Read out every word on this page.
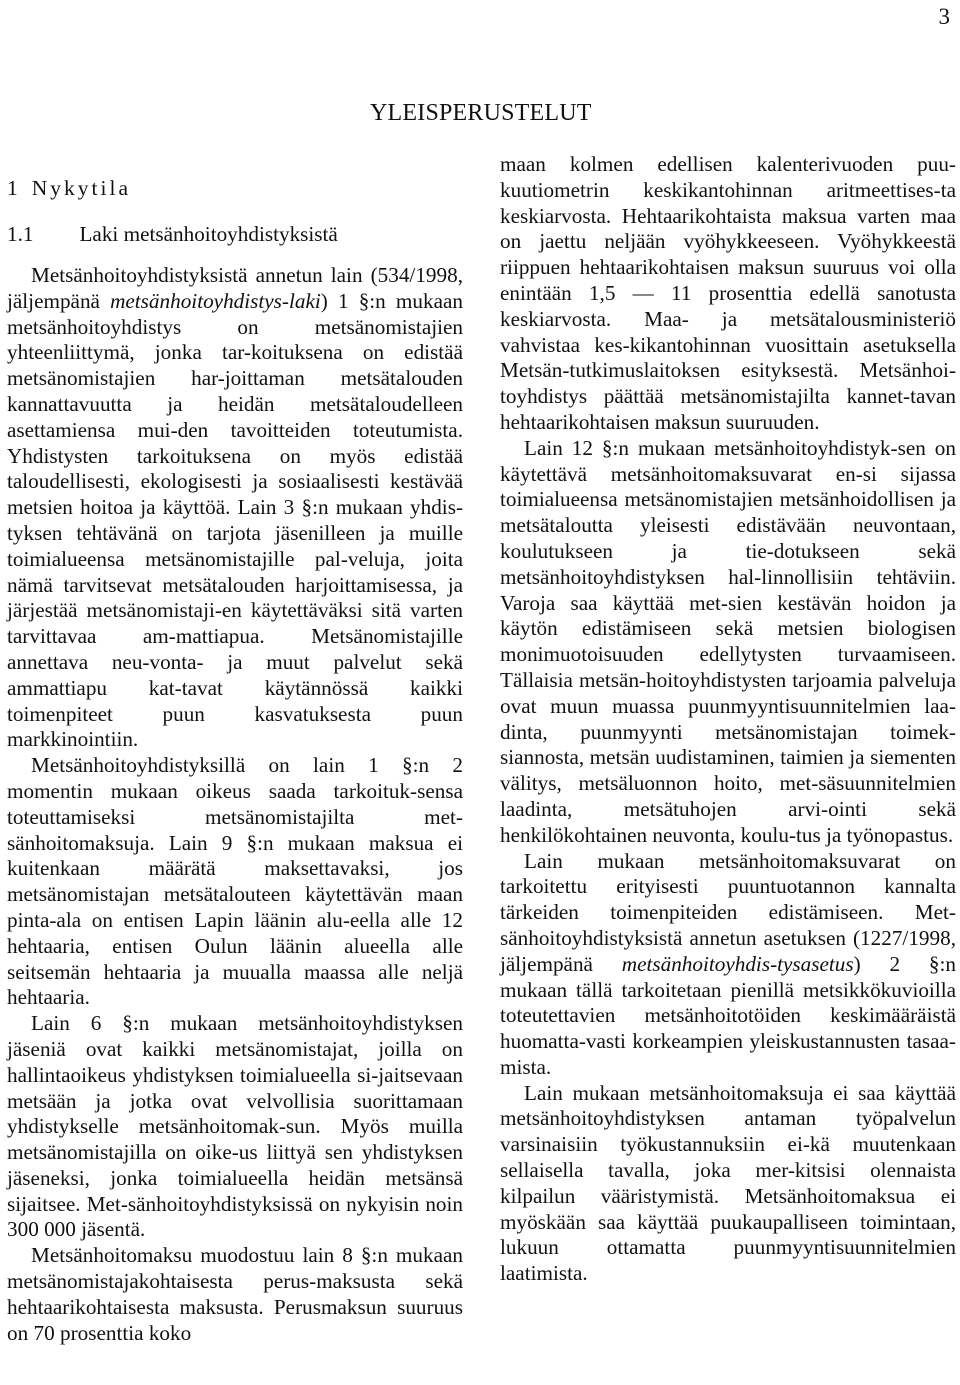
3
YLEISPERUSTELUT
1 Nykytila
1.1 Laki metsänhoitoyhdistyksistä

Metsänhoitoyhdistyksistä annetun lain (534/1998, jäljempänä metsänhoitoyhdistys-laki) 1 §:n mukaan metsänhoitoyhdistys on metsänomistajien yhteenliittymä, jonka tar-koituksena on edistää metsänomistajien har-joittaman metsätalouden kannattavuutta ja heidän metsätaloudelleen asettamiensa mui-den tavoitteiden toteutumista. Yhdistysten tarkoituksena on myös edistää taloudellisesti, ekologisesti ja sosiaalisesti kestävää metsien hoitoa ja käyttöä. Lain 3 §:n mukaan yhdis-tyksen tehtävänä on tarjota jäsenilleen ja muille toimialueensa metsänomistajille pal-veluja, joita nämä tarvitsevat metsätalouden harjoittamisessa, ja järjestää metsänomistaji-en käytettäväksi sitä varten tarvittavaa am-mattiapua. Metsänomistajille annettava neu-vonta- ja muut palvelut sekä ammattiapu kat-tavat käytännössä kaikki toimenpiteet puun kasvatuksesta puun markkinointiin.

Metsänhoitoyhdistyksillä on lain 1 §:n 2 momentin mukaan oikeus saada tarkoituk-sensa toteuttamiseksi metsänomistajilta met-sänhoitomaksuja. Lain 9 §:n mukaan maksua ei kuitenkaan määrätä maksettavaksi, jos metsänomistajan metsätalouteen käytettävän maan pinta-ala on entisen Lapin läänin alu-eella alle 12 hehtaaria, entisen Oulun läänin alueella alle seitsemän hehtaaria ja muualla maassa alle neljä hehtaaria.

Lain 6 §:n mukaan metsänhoitoyhdistyksen jäseniä ovat kaikki metsänomistajat, joilla on hallintaoikeus yhdistyksen toimialueella si-jaitsevaan metsään ja jotka ovat velvollisia suorittamaan yhdistykselle metsänhoitomak-sun. Myös muilla metsänomistajilla on oike-us liittyä sen yhdistyksen jäseneksi, jonka toimialueella heidän metsänsä sijaitsee. Met-sänhoitoyhdistyksissä on nykyisin noin 300 000 jäsentä.

Metsänhoitomaksu muodostuu lain 8 §:n mukaan metsänomistajakohtaisesta perus-maksusta sekä hehtaarikohtaisesta maksusta. Perusmaksun suuruus on 70 prosenttia koko

maan kolmen edellisen kalenterivuoden puu-kuutiometrin keskikantohinnan aritmeettises-ta keskiarvosta. Hehtaarikohtaista maksua varten maa on jaettu neljään vyöhykkeeseen. Vyöhykkeestä riippuen hehtaarikohtaisen maksun suuruus voi olla enintään 1,5 — 11 prosenttia edellä sanotusta keskiarvosta. Maa- ja metsätalousministeriö vahvistaa kes-kikantohinnan vuosittain asetuksella Metsän-tutkimuslaitoksen esityksestä. Metsänhoi-toyhdistys päättää metsänomistajilta kannet-tavan hehtaarikohtaisen maksun suuruuden.

Lain 12 §:n mukaan metsänhoitoyhdistyk-sen on käytettävä metsänhoitomaksuvarat en-si sijassa toimialueensa metsänomistajien metsänhoidollisen ja metsätaloutta yleisesti edistävään neuvontaan, koulutukseen ja tie-dotukseen sekä metsänhoitoyhdistyksen hal-linnollisiin tehtäviin. Varoja saa käyttää met-sien kestävän hoidon ja käytön edistämiseen sekä metsien biologisen monimuotoisuuden edellytysten turvaamiseen. Tällaisia metsän-hoitoyhdistysten tarjoamia palveluja ovat muun muassa puunmyyntisuunnitelmien laa-dinta, puunmyynti metsänomistajan toimek-siannosta, metsän uudistaminen, taimien ja siementen välitys, metsäluonnon hoito, met-säsuunnitelmien laadinta, metsätuhojen arvi-ointi sekä henkilökohtainen neuvonta, koulu-tus ja työnopastus.

Lain mukaan metsänhoitomaksuvarat on tarkoitettu erityisesti puuntuotannon kannalta tärkeiden toimenpiteiden edistämiseen. Met-sänhoitoyhdistyksistä annetun asetuksen (1227/1998, jäljempänä metsänhoitoyhdis-tysasetus) 2 §:n mukaan tällä tarkoitetaan pienillä metsikkökuvioilla toteutettavien metsänhoitotöiden keskimääräistä huomatta-vasti korkeampien yleiskustannusten tasaa-mista.

Lain mukaan metsänhoitomaksuja ei saa käyttää metsänhoitoyhdistyksen antaman työpalvelun varsinaisiin työkustannuksiin ei-kä muutenkaan sellaisella tavalla, joka mer-kitsisi olennaista kilpailun vääristymistä. Metsänhoitomaksua ei myöskään saa käyttää puukaupalliseen toimintaan, lukuun ottamatta puunmyyntisuunnitelmien laatimista.
